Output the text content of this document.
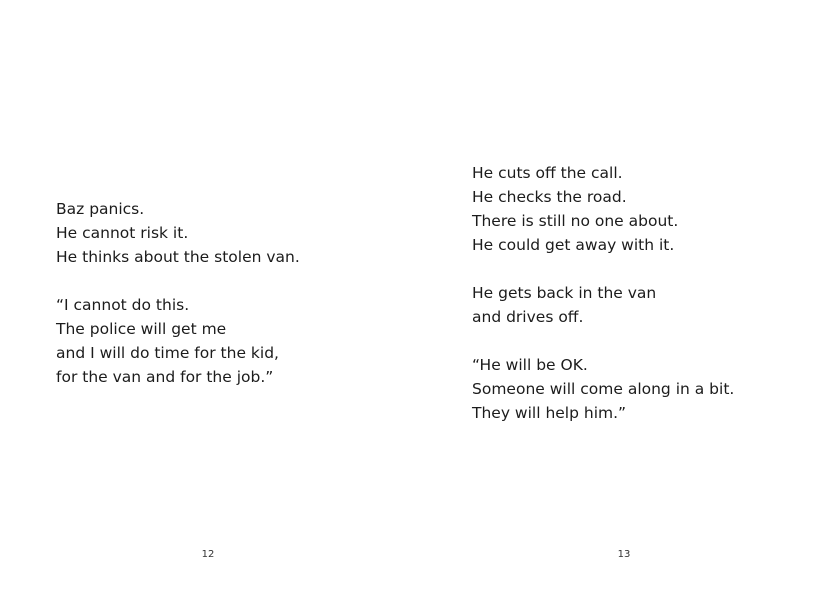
Baz panics.
He cannot risk it.
He thinks about the stolen van.
“I cannot do this.
The police will get me
and I will do time for the kid,
for the van and for the job.”
12
He cuts off the call.
He checks the road.
There is still no one about.
He could get away with it.
He gets back in the van
and drives off.
“He will be OK.
Someone will come along in a bit.
They will help him.”
13
